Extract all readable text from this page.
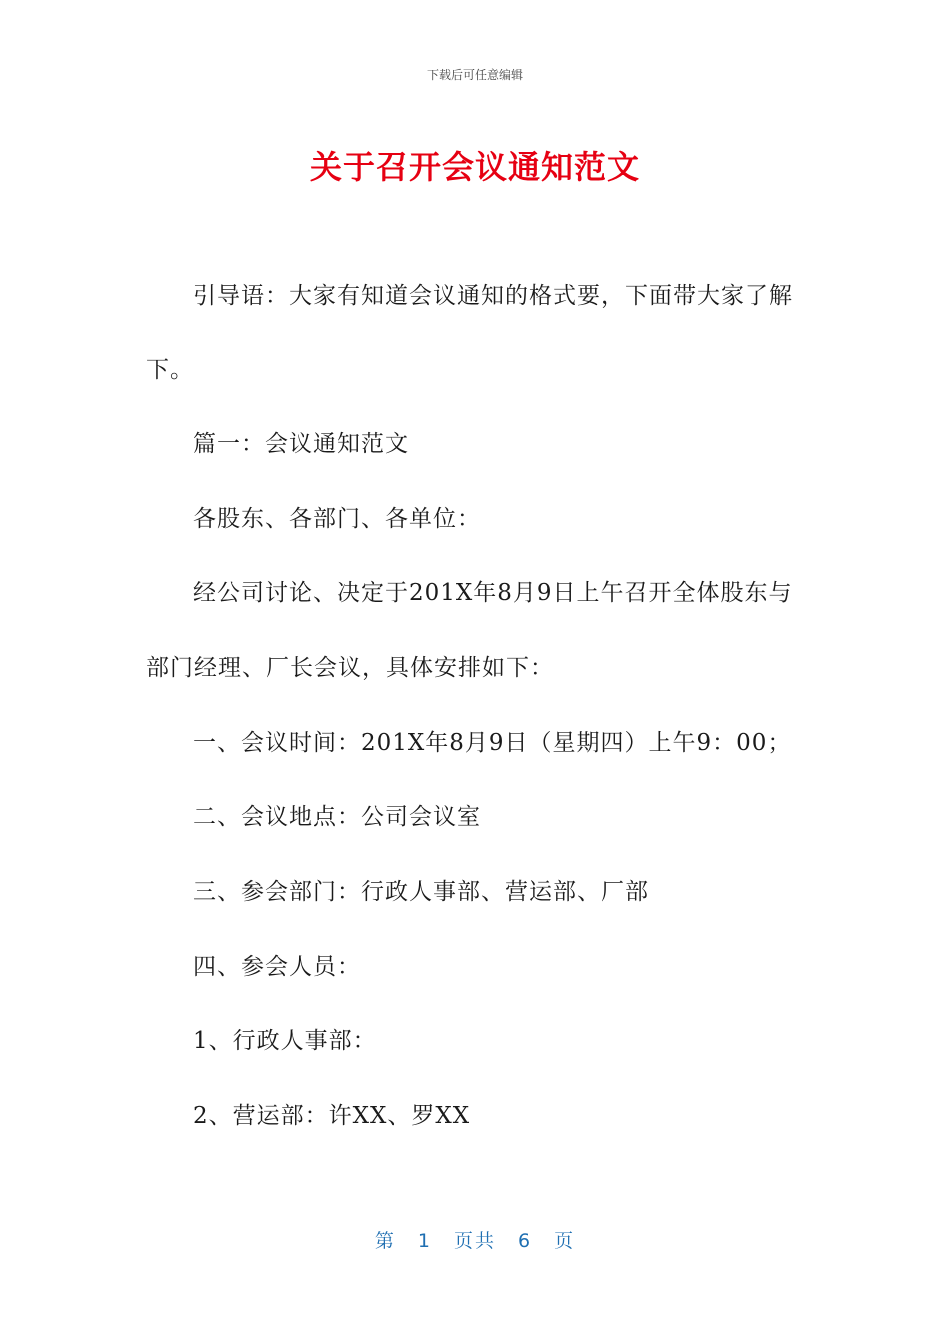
下载后可任意编辑
关于召开会议通知范文
引导语：大家有知道会议通知的格式要，下面带大家了解
下。
篇一：会议通知范文
各股东、各部门、各单位：
经公司讨论、决定于201X年8月9日上午召开全体股东与
部门经理、厂长会议，具体安排如下：
一、会议时间：201X年8月9日（星期四）上午9：00；
二、会议地点：公司会议室
三、参会部门：行政人事部、营运部、厂部
四、参会人员：
1、行政人事部：
2、营运部：许XX、罗XX
第 1 页共 6 页
